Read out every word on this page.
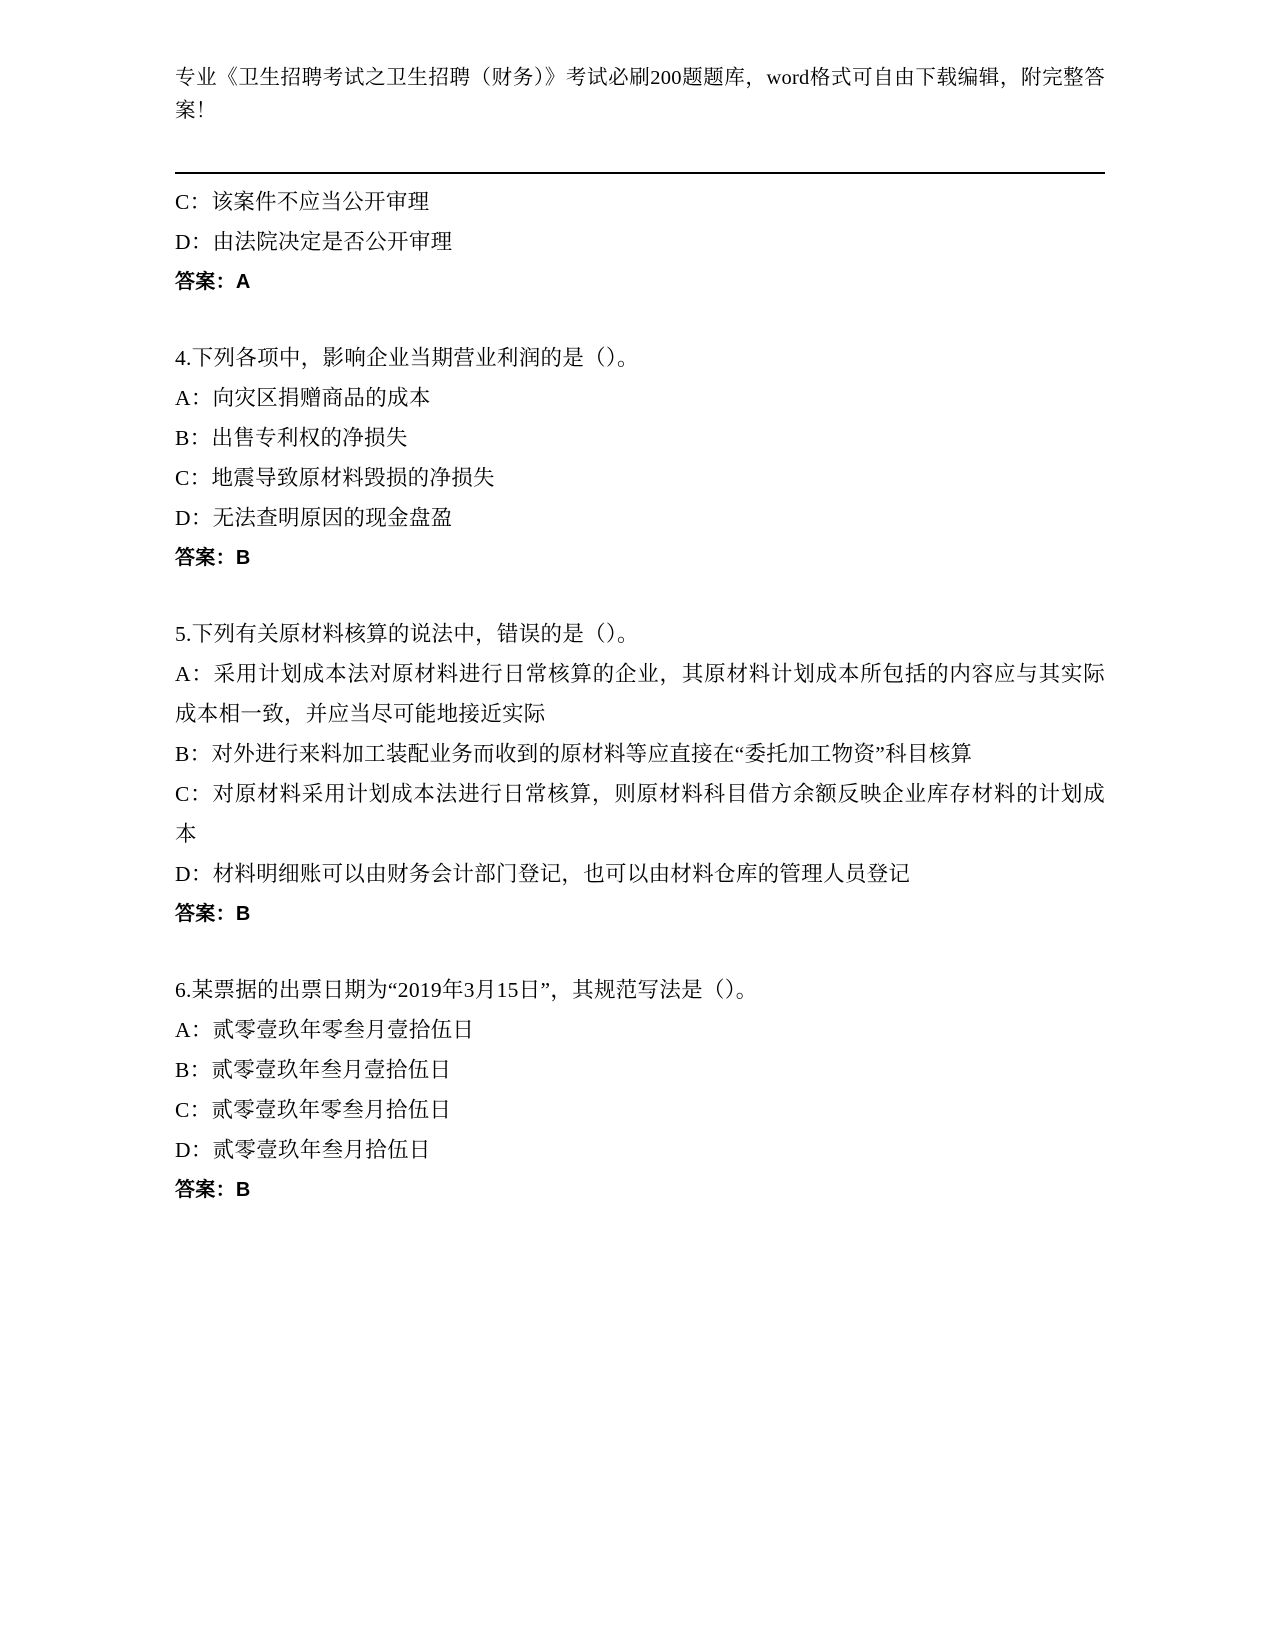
专业《卫生招聘考试之卫生招聘（财务）》考试必刷200题题库，word格式可自由下载编辑，附完整答案！
C：该案件不应当公开审理
D：由法院决定是否公开审理
答案：A
4.下列各项中，影响企业当期营业利润的是（）。
A：向灾区捐赠商品的成本
B：出售专利权的净损失
C：地震导致原材料毁损的净损失
D：无法查明原因的现金盘盈
答案：B
5.下列有关原材料核算的说法中，错误的是（）。
A：采用计划成本法对原材料进行日常核算的企业，其原材料计划成本所包括的内容应与其实际成本相一致，并应当尽可能地接近实际
B：对外进行来料加工装配业务而收到的原材料等应直接在“委托加工物资”科目核算
C：对原材料采用计划成本法进行日常核算，则原材料科目借方余额反映企业库存材料的计划成本
D：材料明细账可以由财务会计部门登记，也可以由材料仓库的管理人员登记
答案：B
6.某票据的出票日期为“2019年3月15日”，其规范写法是（）。
A：贰零壹玖年零叁月壹拾伍日
B：贰零壹玖年叁月壹拾伍日
C：贰零壹玖年零叁月拾伍日
D：贰零壹玖年叁月拾伍日
答案：B
